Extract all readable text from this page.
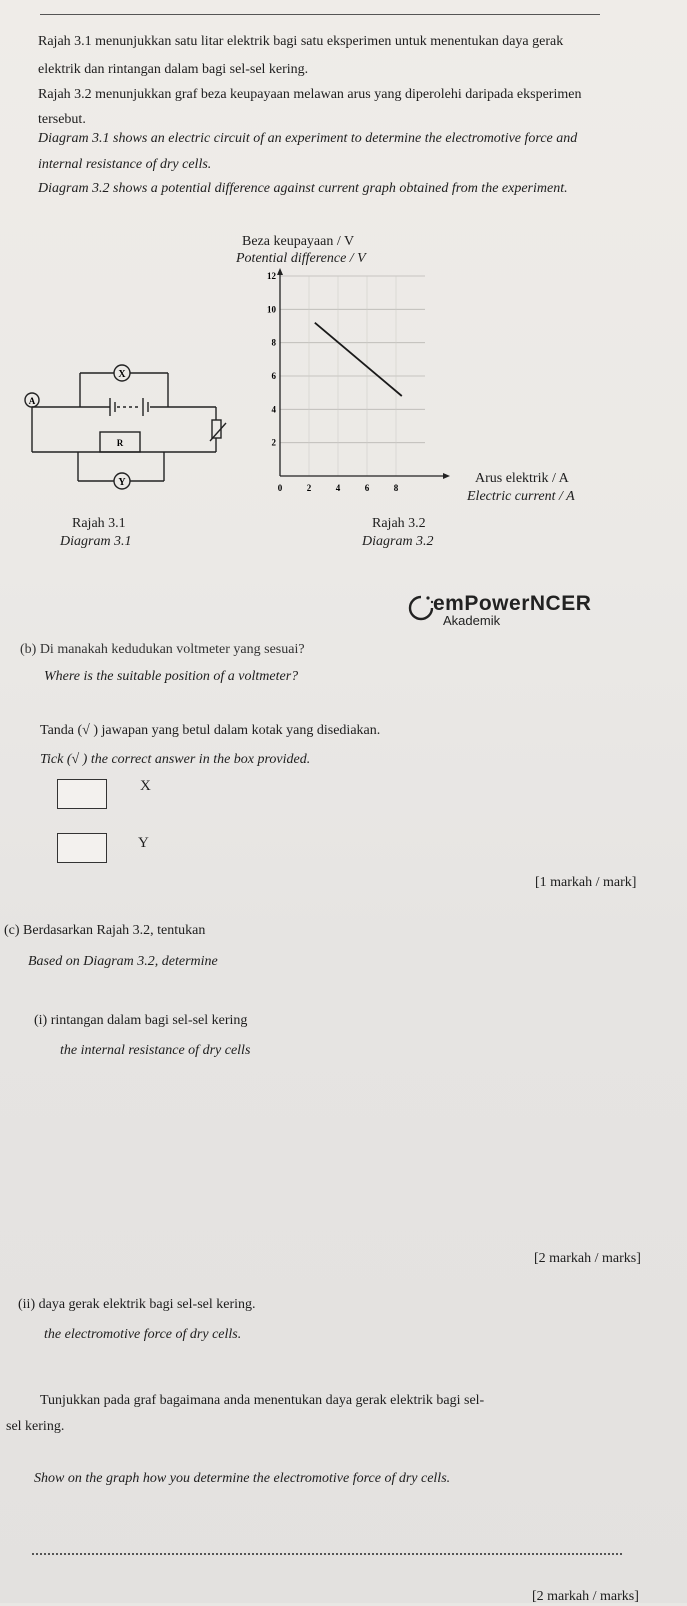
Rajah 3.1 menunjukkan satu litar elektrik bagi satu eksperimen untuk menentukan daya gerak

elektrik dan rintangan dalam bagi sel-sel kering.

Rajah 3.2 menunjukkan graf beza keupayaan melawan arus yang diperolehi daripada eksperimen

tersebut.

Diagram 3.1 shows an electric circuit of an experiment to determine the electromotive force and

internal resistance of dry cells.

Diagram 3.2 shows a potential difference against current graph obtained from the experiment.

X
A
R
Y

Rajah 3.1

Diagram 3.1

Beza keupayaan / V

Potential difference / V

2
4
6
8
10
12
0	2	4	6	8

Arus elektrik / A

Electric current / A

Rajah 3.2

Diagram 3.2

emPowerNCER
Akademik

(b) Di manakah kedudukan voltmeter yang sesuai?

Where is the suitable position of a voltmeter?

Tanda (√ ) jawapan yang betul dalam kotak yang disediakan.

Tick (√ ) the correct answer in the box provided.

X

Y

[1 markah / mark]

(c) Berdasarkan Rajah 3.2, tentukan

Based on Diagram 3.2, determine

(i) rintangan dalam bagi sel-sel kering

the internal resistance of dry cells

[2 markah / marks]

(ii) daya gerak elektrik bagi sel-sel kering.

the electromotive force of dry cells.

Tunjukkan pada graf bagaimana anda menentukan daya gerak elektrik bagi sel-

sel kering.

Show on the graph how you determine the electromotive force of dry cells.

[2 markah / marks]
